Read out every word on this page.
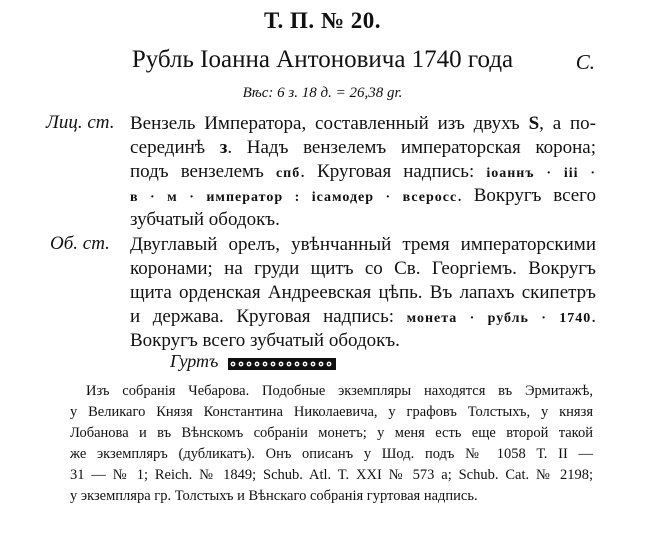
Т. П. № 20.
Рубль Іоанна Антоновича 1740 года	С.
Вѣс: 6 з. 18 д. = 26,38 gr.
Лиц. ст. Вензель Императора, составленный изъ двухъ Ѕ, а по-
серединѣ з. Надъ вензелемъ императорская корона;
подъ вензелемъ спб. Круговая надпись: іоаннъ · ііі ·
в · м · император : ісамодер · всеросс. Вокругъ всего
зубчатый ободокъ.
Об. ст. Двуглавый орелъ, увѣнчанный тремя императорскими
коронами; на груди щитъ со Св. Георгіемъ. Вокругъ
щита орденская Андреевская цѣпь. Въ лапахъ скипетръ
и держава. Круговая надпись: монета · рубль · 1740.
Вокругъ всего зубчатый ободокъ.
Гуртъ
Изъ собранія Чебарова. Подобные экземпляры находятся въ Эрмитажѣ,
у Великаго Князя Константина Николаевича, у графовъ Толстыхъ, у князя
Лобанова и въ Вѣнскомъ собраніи монетъ; у меня есть еще второй такой
же экземпляръ (дубликатъ). Онъ описанъ у Шод. подъ № 1058 Т. II —
31 — № 1; Reich. № 1849; Schub. Atl. T. XXI № 573 a; Schub. Cat. № 2198;
у экземпляра гр. Толстыхъ и Вѣнскаго собранія гуртовая надпись.
